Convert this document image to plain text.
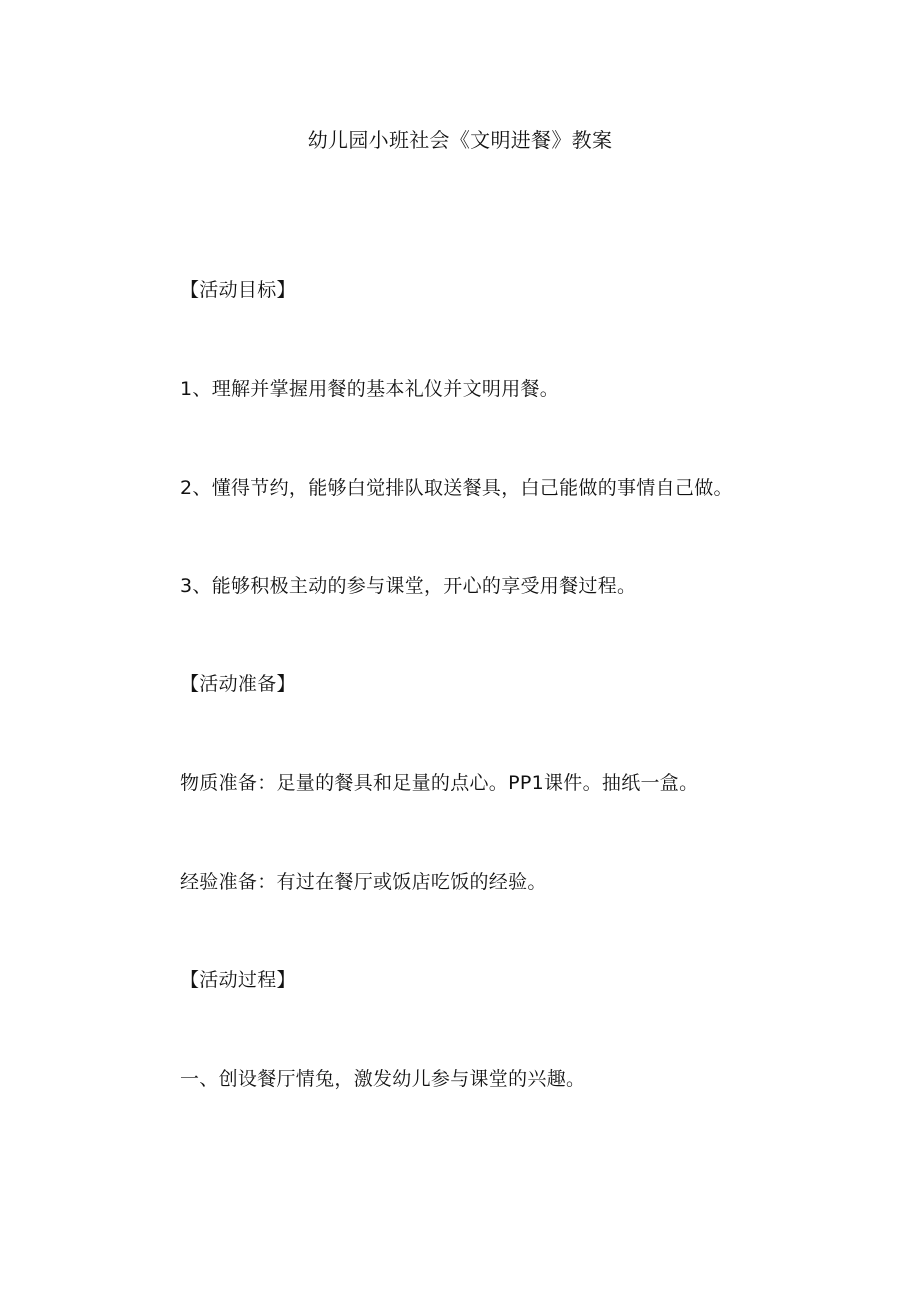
幼儿园小班社会《文明进餐》教案
【活动目标】
1、理解并掌握用餐的基本礼仪并文明用餐。
2、懂得节约，能够白觉排队取送餐具，白己能做的事情自己做。
3、能够积极主动的参与课堂，开心的享受用餐过程。
【活动准备】
物质准备：足量的餐具和足量的点心。PP1课件。抽纸一盒。
经验准备：有过在餐厅或饭店吃饭的经验。
【活动过程】
一、创设餐厅情兔，激发幼儿参与课堂的兴趣。
